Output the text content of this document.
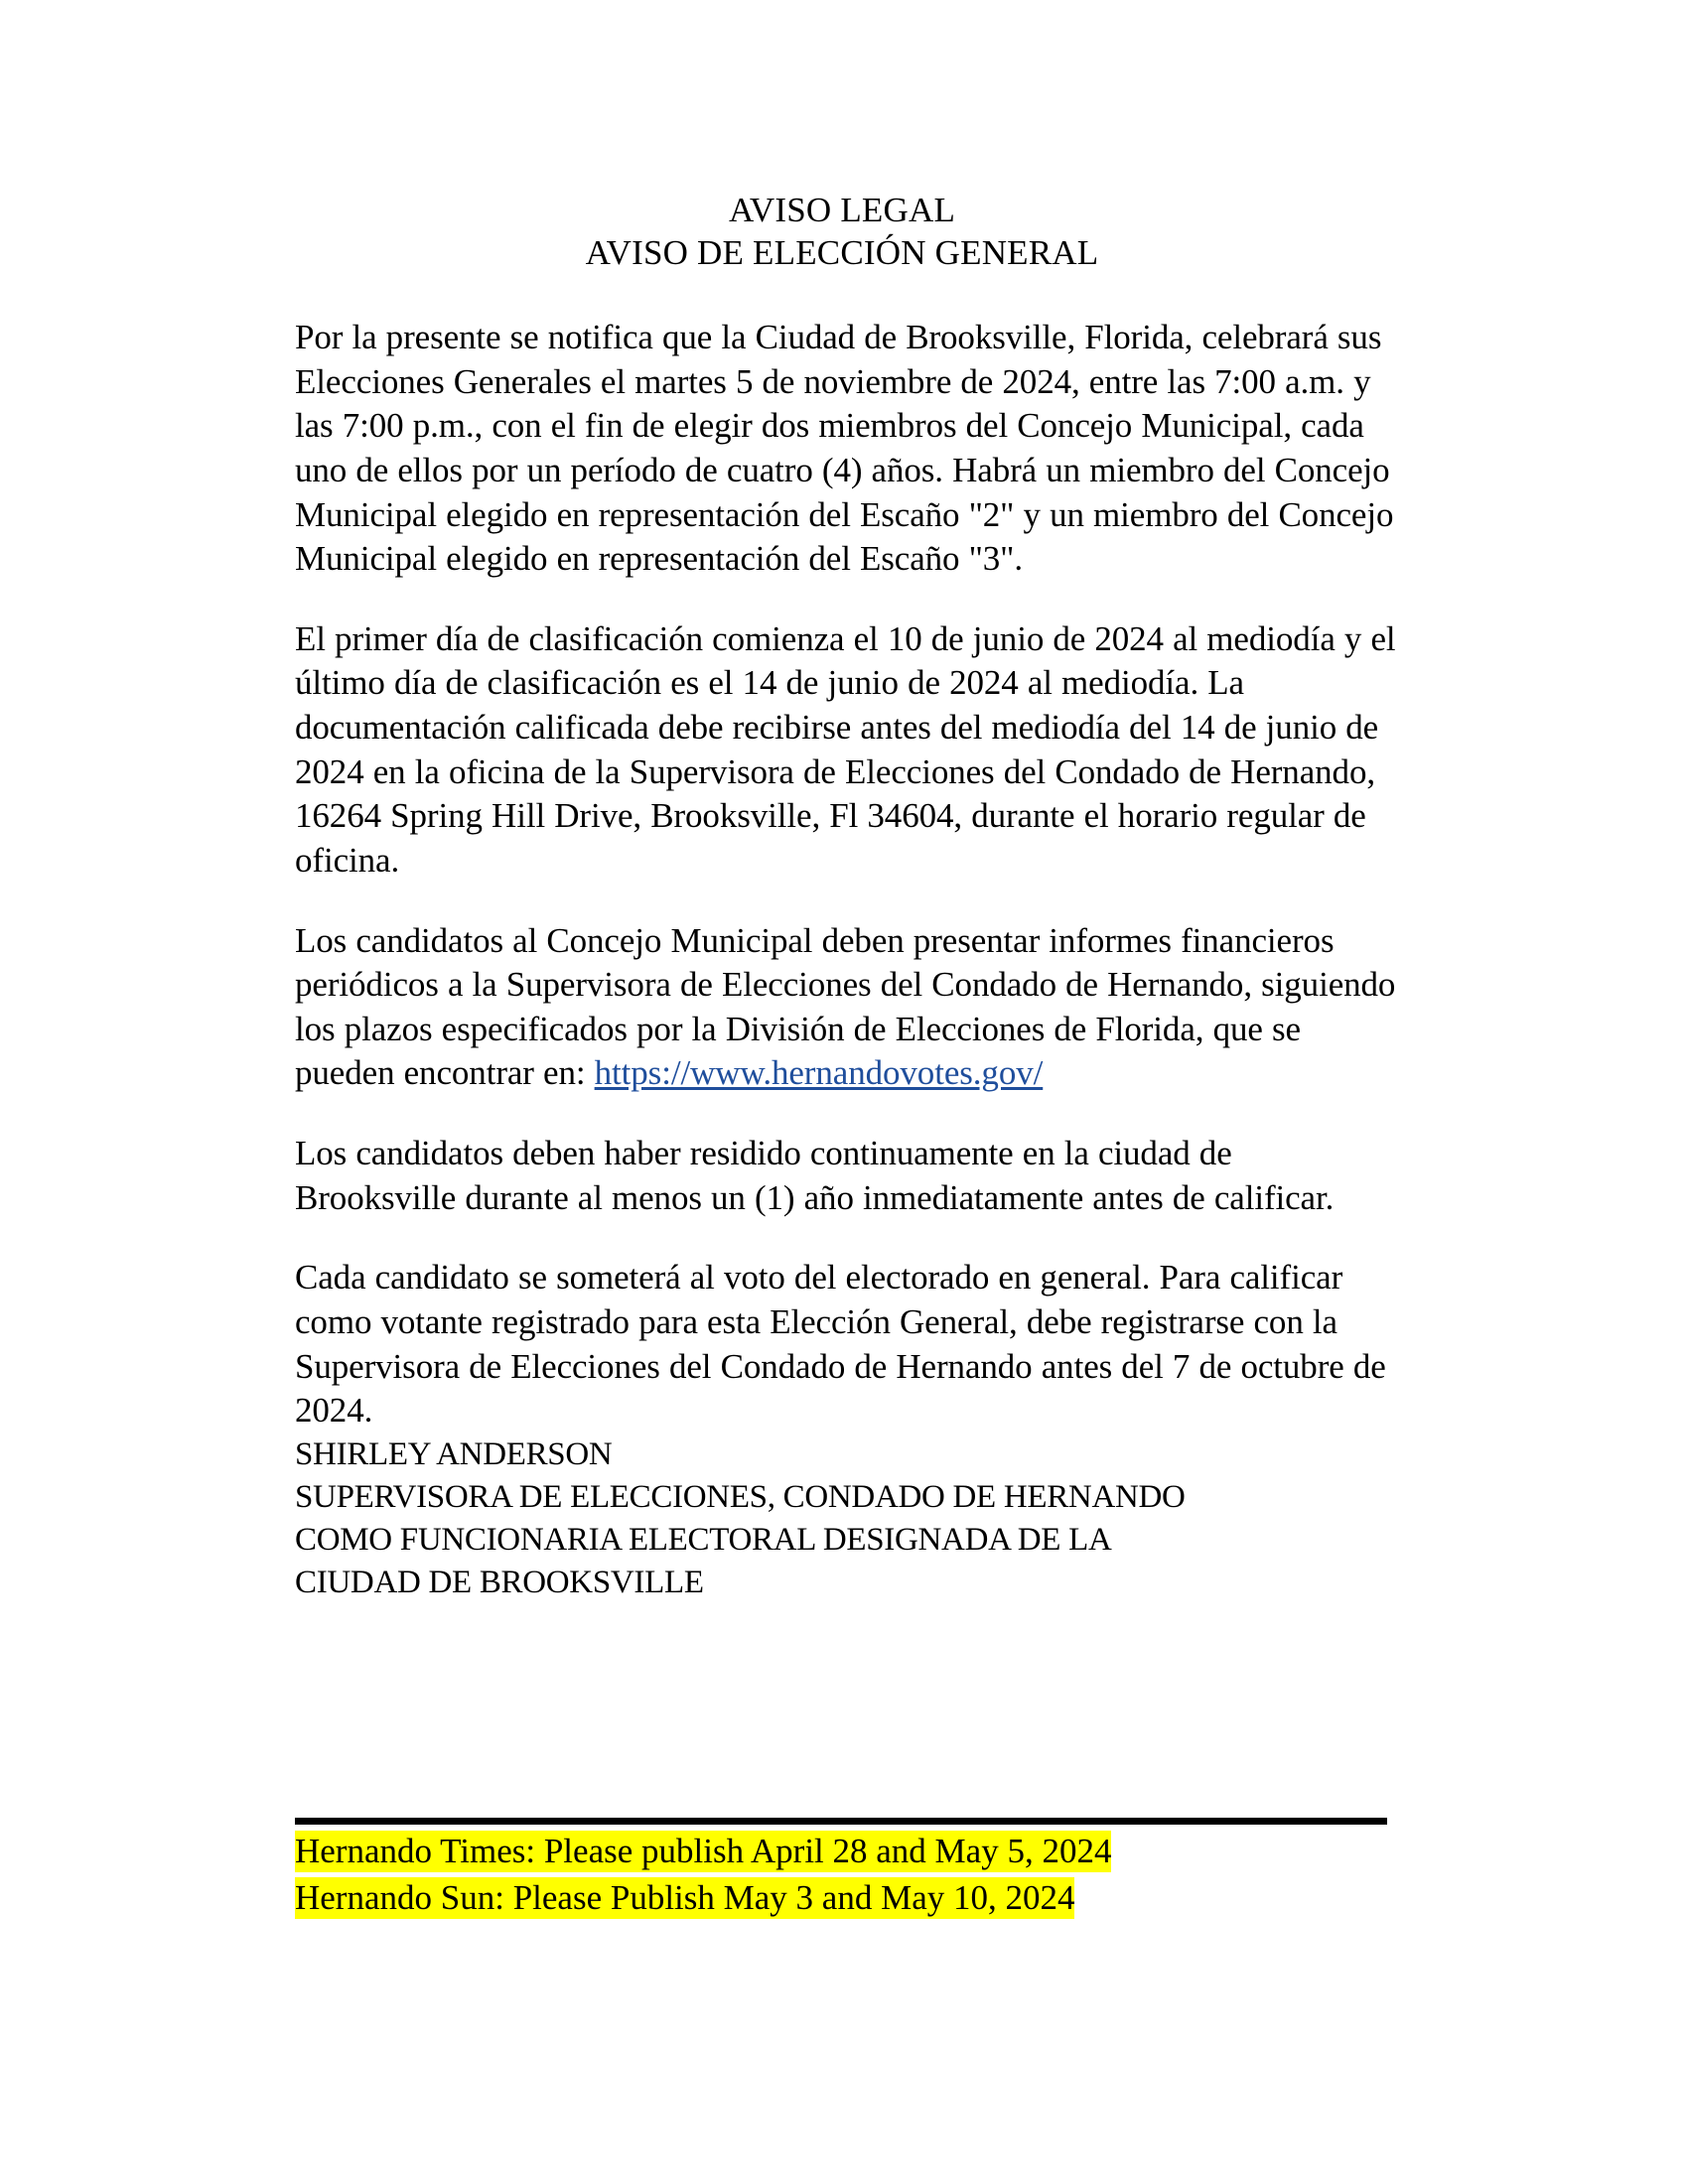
AVISO LEGAL
AVISO DE ELECCIÓN GENERAL

Por la presente se notifica que la Ciudad de Brooksville, Florida, celebrará sus Elecciones Generales el martes 5 de noviembre de 2024, entre las 7:00 a.m. y las 7:00 p.m., con el fin de elegir dos miembros del Concejo Municipal, cada uno de ellos por un período de cuatro (4) años. Habrá un miembro del Concejo Municipal elegido en representación del Escaño "2" y un miembro del Concejo Municipal elegido en representación del Escaño "3".

El primer día de clasificación comienza el 10 de junio de 2024 al mediodía y el último día de clasificación es el 14 de junio de 2024 al mediodía. La documentación calificada debe recibirse antes del mediodía del 14 de junio de 2024 en la oficina de la Supervisora de Elecciones del Condado de Hernando, 16264 Spring Hill Drive, Brooksville, Fl 34604, durante el horario regular de oficina.

Los candidatos al Concejo Municipal deben presentar informes financieros periódicos a la Supervisora de Elecciones del Condado de Hernando, siguiendo los plazos especificados por la División de Elecciones de Florida, que se pueden encontrar en: https://www.hernandovotes.gov/

Los candidatos deben haber residido continuamente en la ciudad de Brooksville durante al menos un (1) año inmediatamente antes de calificar.

Cada candidato se someterá al voto del electorado en general. Para calificar como votante registrado para esta Elección General, debe registrarse con la Supervisora de Elecciones del Condado de Hernando antes del 7 de octubre de 2024.

SHIRLEY ANDERSON
SUPERVISORA DE ELECCIONES, CONDADO DE HERNANDO
COMO FUNCIONARIA ELECTORAL DESIGNADA DE LA
CIUDAD DE BROOKSVILLE
Hernando Times: Please publish April 28 and May 5, 2024
Hernando Sun: Please Publish May 3 and May 10, 2024
